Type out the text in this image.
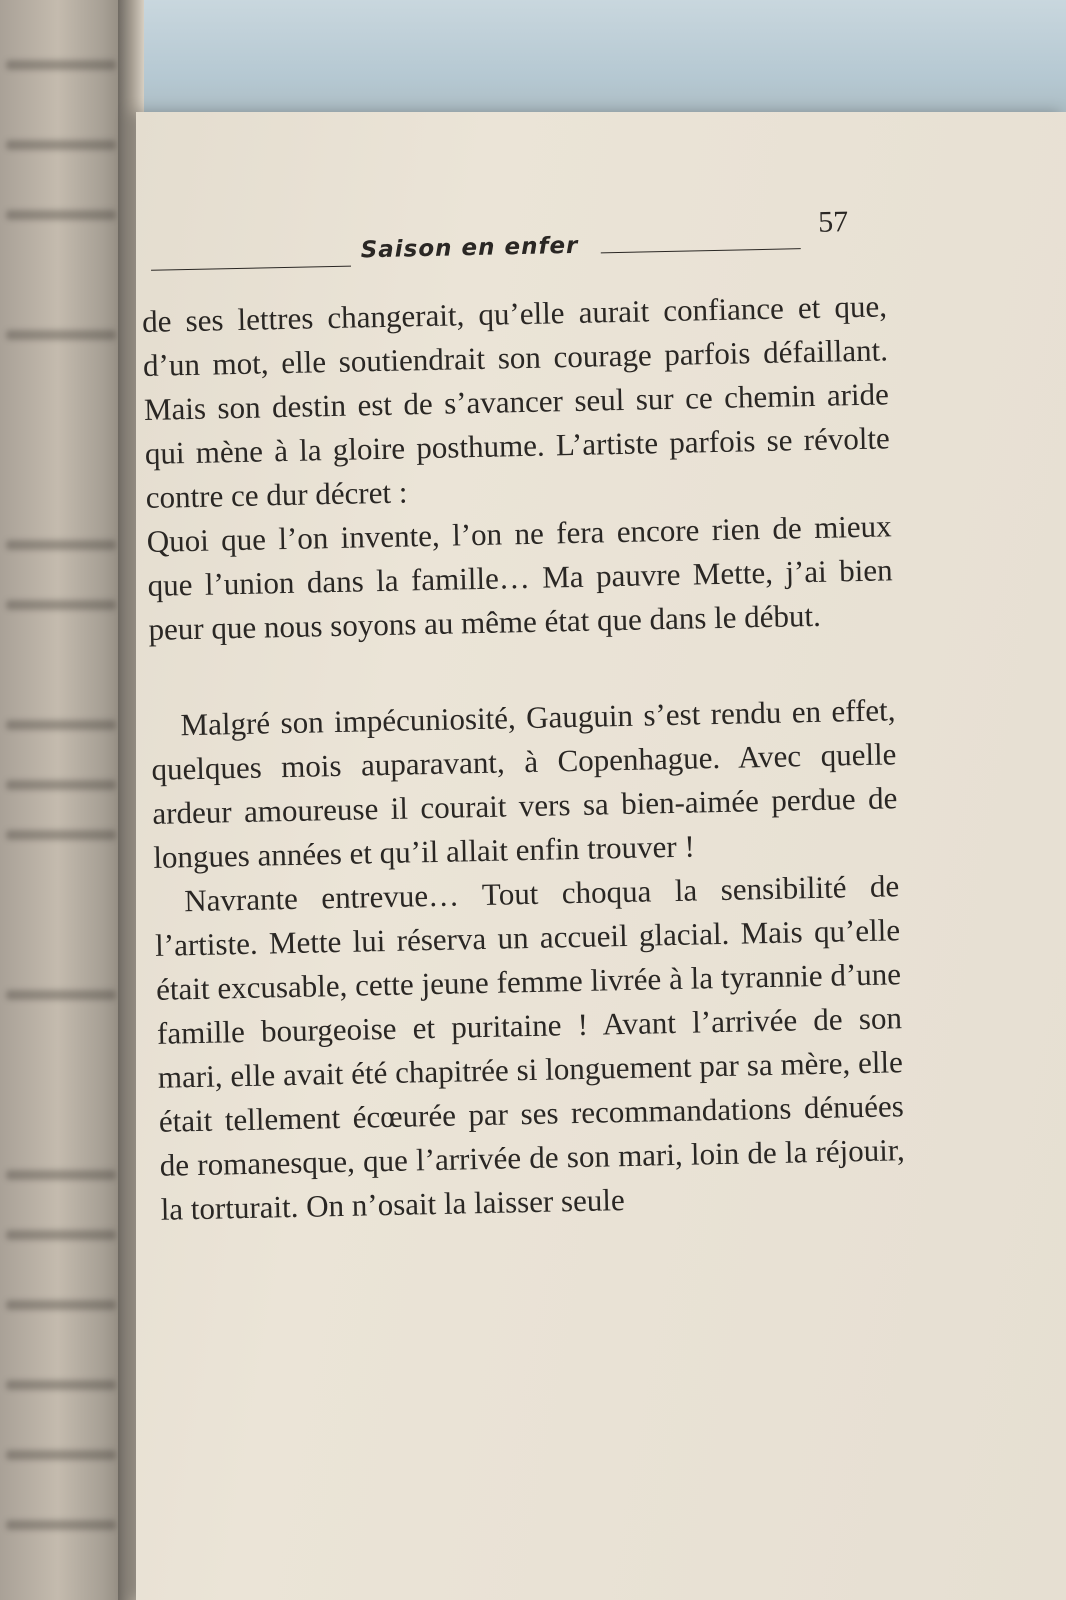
Saison en enfer
57

de ses lettres changerait, qu’elle aurait confiance et que, d’un mot, elle soutiendrait son courage parfois défaillant. Mais son destin est de s’avancer seul sur ce chemin aride qui mène à la gloire posthume. L’artiste parfois se révolte contre ce dur décret :

Quoi que l’on invente, l’on ne fera encore rien de mieux que l’union dans la famille… Ma pauvre Mette, j’ai bien peur que nous soyons au même état que dans le début.

Malgré son impécuniosité, Gauguin s’est rendu en effet, quelques mois auparavant, à Copenhague. Avec quelle ardeur amoureuse il courait vers sa bien-aimée perdue de longues années et qu’il allait enfin trouver !

Navrante entrevue… Tout choqua la sensibilité de l’artiste. Mette lui réserva un accueil glacial. Mais qu’elle était excusable, cette jeune femme livrée à la tyrannie d’une famille bourgeoise et puritaine ! Avant l’arrivée de son mari, elle avait été chapitrée si longuement par sa mère, elle était tellement écœurée par ses recommandations dénuées de romanesque, que l’arrivée de son mari, loin de la réjouir, la torturait. On n’osait la laisser seule
